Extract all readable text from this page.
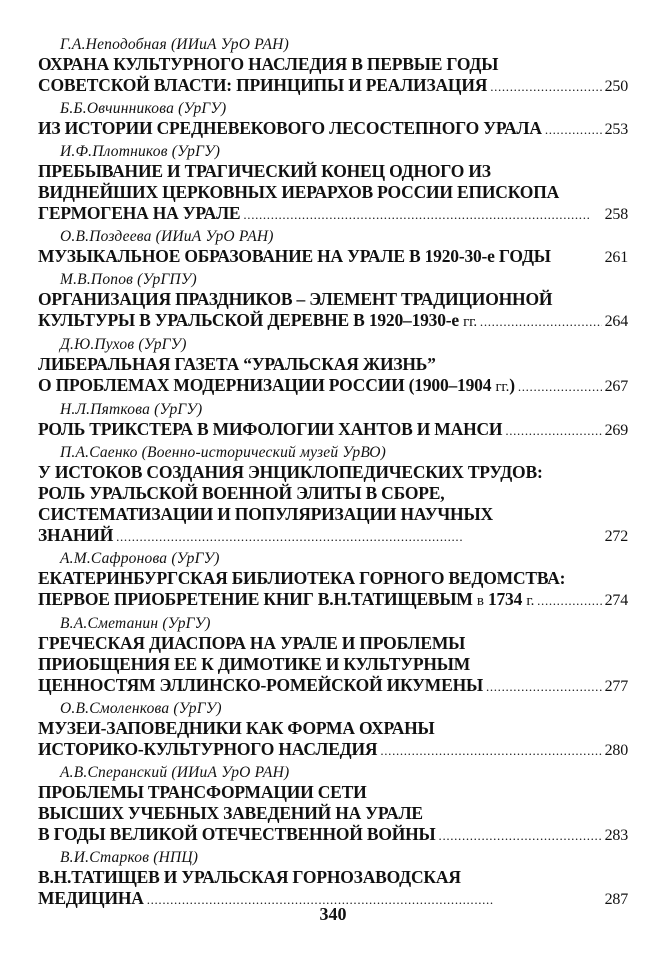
Г.А.Неподобная (ИИиА УрО РАН)
ОХРАНА КУЛЬТУРНОГО НАСЛЕДИЯ В ПЕРВЫЕ ГОДЫ
СОВЕТСКОЙ ВЛАСТИ: ПРИНЦИПЫ И РЕАЛИЗАЦИЯ . . .	250
Б.Б.Овчинникова (УрГУ)
ИЗ ИСТОРИИ СРЕДНЕВЕКОВОГО ЛЕСОСТЕПНОГО УРАЛА . . .	253
И.Ф.Плотников (УрГУ)
ПРЕБЫВАНИЕ И ТРАГИЧЕСКИЙ КОНЕЦ ОДНОГО ИЗ
ВИДНЕЙШИХ ЦЕРКОВНЫХ ИЕРАРХОВ РОССИИ ЕПИСКОПА
ГЕРМОГЕНА НА УРАЛЕ . . .	258
О.В.Поздеева (ИИиА УрО РАН)
МУЗЫКАЛЬНОЕ ОБРАЗОВАНИЕ НА УРАЛЕ В 1920-30-е ГОДЫ	261
М.В.Попов (УрГПУ)
ОРГАНИЗАЦИЯ ПРАЗДНИКОВ – ЭЛЕМЕНТ ТРАДИЦИОННОЙ
КУЛЬТУРЫ В УРАЛЬСКОЙ ДЕРЕВНЕ В 1920–1930-е гг. . . .	264
Д.Ю.Пухов (УрГУ)
ЛИБЕРАЛЬНАЯ ГАЗЕТА “УРАЛЬСКАЯ ЖИЗНЬ”
О ПРОБЛЕМАХ МОДЕРНИЗАЦИИ РОССИИ (1900–1904 гг.) . . .	267
Н.Л.Пяткова (УрГУ)
РОЛЬ ТРИКСТЕРА В МИФОЛОГИИ ХАНТОВ И МАНСИ . . .	269
П.А.Саенко (Военно-исторический музей УрВО)
У ИСТОКОВ СОЗДАНИЯ ЭНЦИКЛОПЕДИЧЕСКИХ ТРУДОВ:
РОЛЬ УРАЛЬСКОЙ ВОЕННОЙ ЭЛИТЫ В СБОРЕ,
СИСТЕМАТИЗАЦИИ И ПОПУЛЯРИЗАЦИИ НАУЧНЫХ
ЗНАНИЙ . . .	272
А.М.Сафронова (УрГУ)
ЕКАТЕРИНБУРГСКАЯ БИБЛИОТЕКА ГОРНОГО ВЕДОМСТВА:
ПЕРВОЕ ПРИОБРЕТЕНИЕ КНИГ В.Н.ТАТИЩЕВЫМ в 1734 г. . . .	274
В.А.Сметанин (УрГУ)
ГРЕЧЕСКАЯ ДИАСПОРА НА УРАЛЕ И ПРОБЛЕМЫ
ПРИОБЩЕНИЯ ЕЕ К ДИМОТИКЕ И КУЛЬТУРНЫМ
ЦЕННОСТЯМ ЭЛЛИНСКО-РОМЕЙСКОЙ ИКУМЕНЫ . . .	277
О.В.Смоленкова (УрГУ)
МУЗЕИ-ЗАПОВЕДНИКИ КАК ФОРМА ОХРАНЫ
ИСТОРИКО-КУЛЬТУРНОГО НАСЛЕДИЯ . . .	280
А.В.Сперанский (ИИиА УрО РАН)
ПРОБЛЕМЫ ТРАНСФОРМАЦИИ СЕТИ
ВЫСШИХ УЧЕБНЫХ ЗАВЕДЕНИЙ НА УРАЛЕ
В ГОДЫ ВЕЛИКОЙ ОТЕЧЕСТВЕННОЙ ВОЙНЫ . . .	283
В.И.Старков (НПЦ)
В.Н.ТАТИЩЕВ И УРАЛЬСКАЯ ГОРНОЗАВОДСКАЯ
МЕДИЦИНА . . .	287
340
